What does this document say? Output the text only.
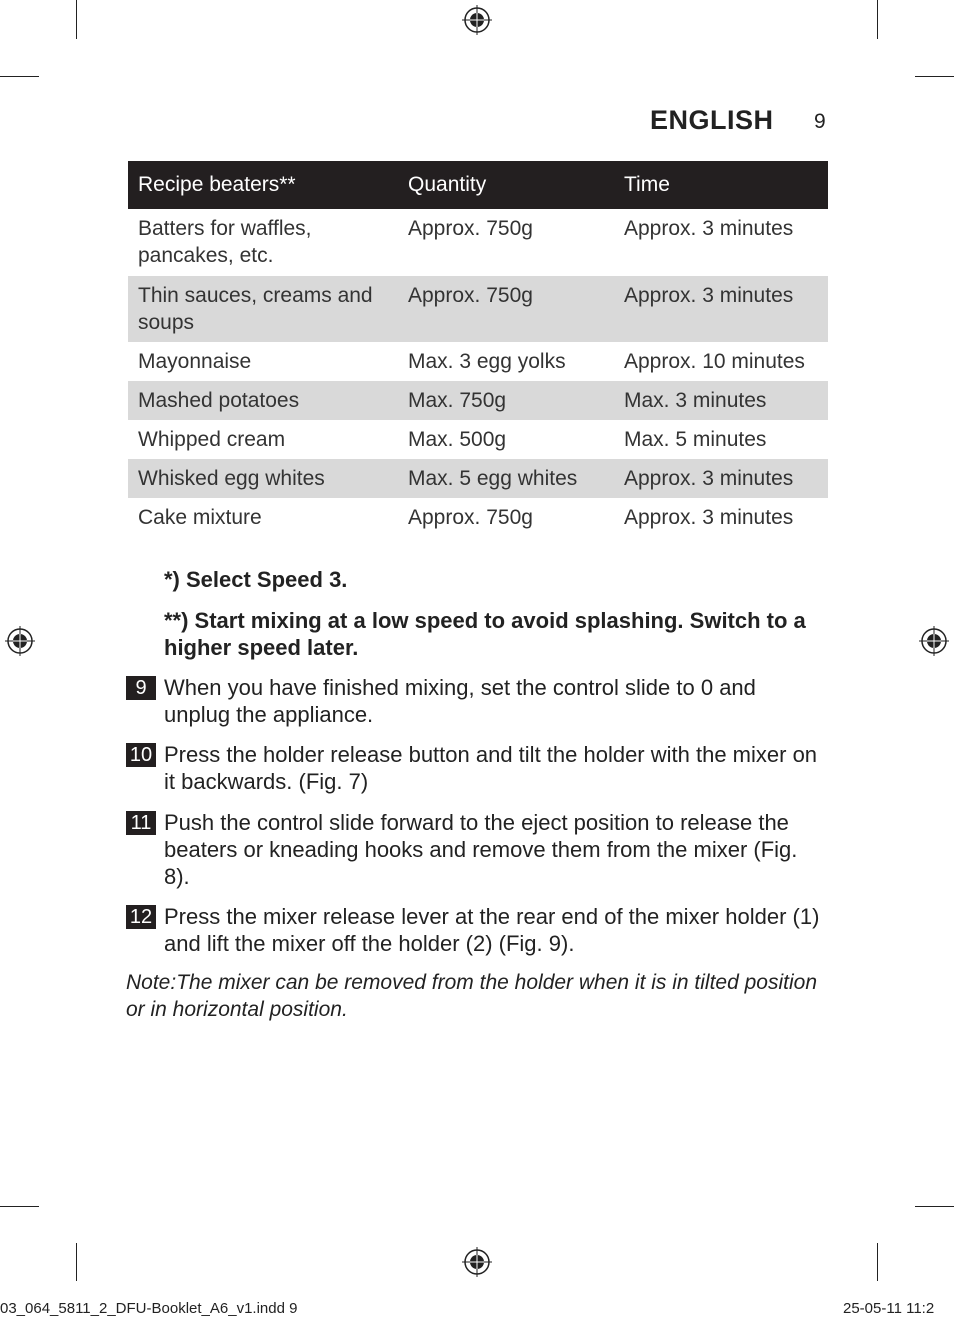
ENGLISH 9
Recipe beaters**	Quantity	Time
Batters for waffles, pancakes, etc.	Approx. 750g	Approx. 3 minutes
Thin sauces, creams and soups	Approx. 750g	Approx. 3 minutes
Mayonnaise	Max. 3 egg yolks	Approx. 10 minutes
Mashed potatoes	Max. 750g	Max. 3 minutes
Whipped cream	Max. 500g	Max. 5 minutes
Whisked egg whites	Max. 5 egg whites	Approx. 3 minutes
Cake mixture	Approx. 750g	Approx. 3 minutes
*) Select Speed 3.
**) Start mixing at a low speed to avoid splashing. Switch to a higher speed later.
9 When you have finished mixing, set the control slide to 0 and unplug the appliance.
10 Press the holder release button and tilt the holder with the mixer on it backwards. (Fig. 7)
11 Push the control slide forward to the eject position to release the beaters or kneading hooks and remove them from the mixer (Fig. 8).
12 Press the mixer release lever at the rear end of the mixer holder (1) and lift the mixer off the holder (2) (Fig. 9).
Note:The mixer can be removed from the holder when it is in tilted position or in horizontal position.
03_064_5811_2_DFU-Booklet_A6_v1.indd 9	25-05-11 11:2
